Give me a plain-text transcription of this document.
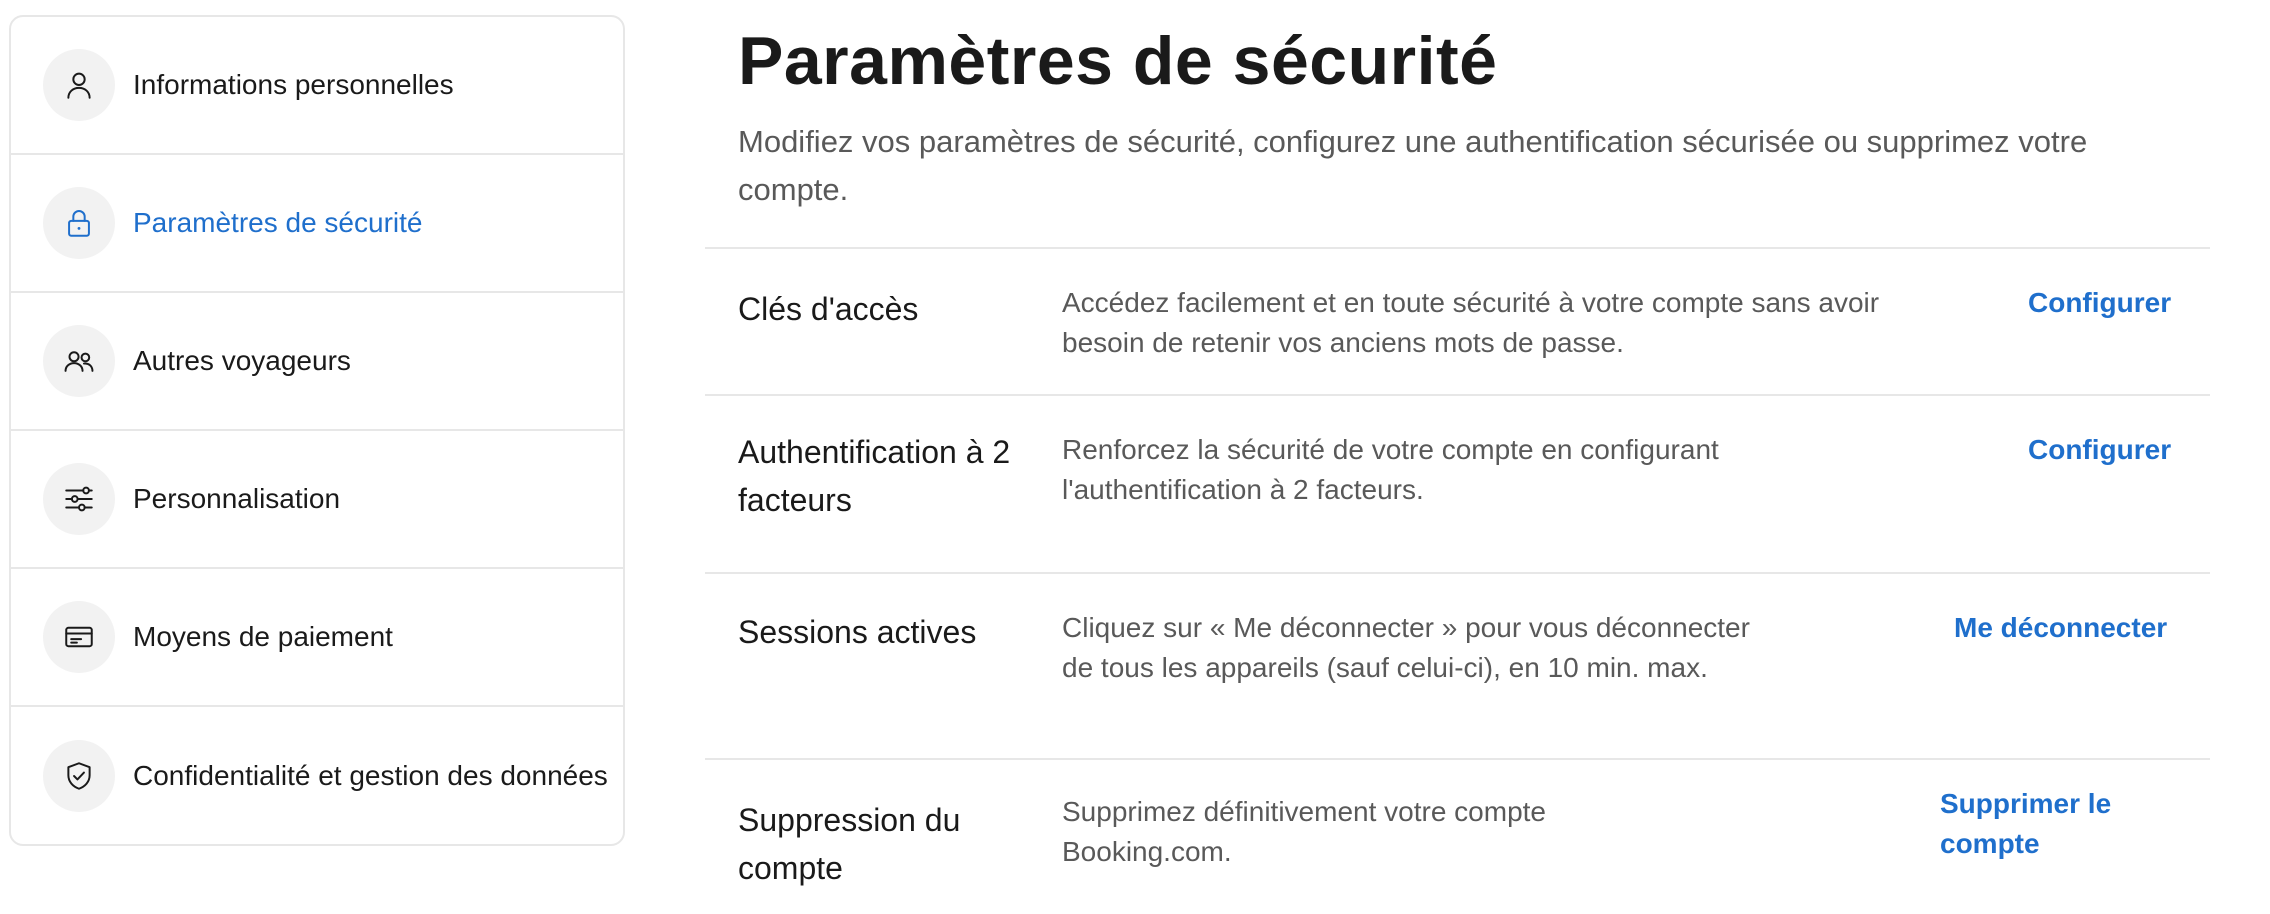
Informations personnelles
Paramètres de sécurité
Autres voyageurs
Personnalisation
Moyens de paiement
Confidentialité et gestion des données
Paramètres de sécurité

Modifiez vos paramètres de sécurité, configurez une authentification sécurisée ou supprimez votre compte.

Clés d'accès	Accédez facilement et en toute sécurité à votre compte sans avoir besoin de retenir vos anciens mots de passe.
Configurer
Authentification à 2 facteurs
Renforcez la sécurité de votre compte en configurant l'authentification à 2 facteurs.
Configurer
Sessions actives	Cliquez sur « Me déconnecter » pour vous déconnecter de tous les appareils (sauf celui-ci), en 10 min. max.
Me déconnecter
Suppression du compte
Supprimez définitivement votre compte Booking.com.
Supprimer le compte
